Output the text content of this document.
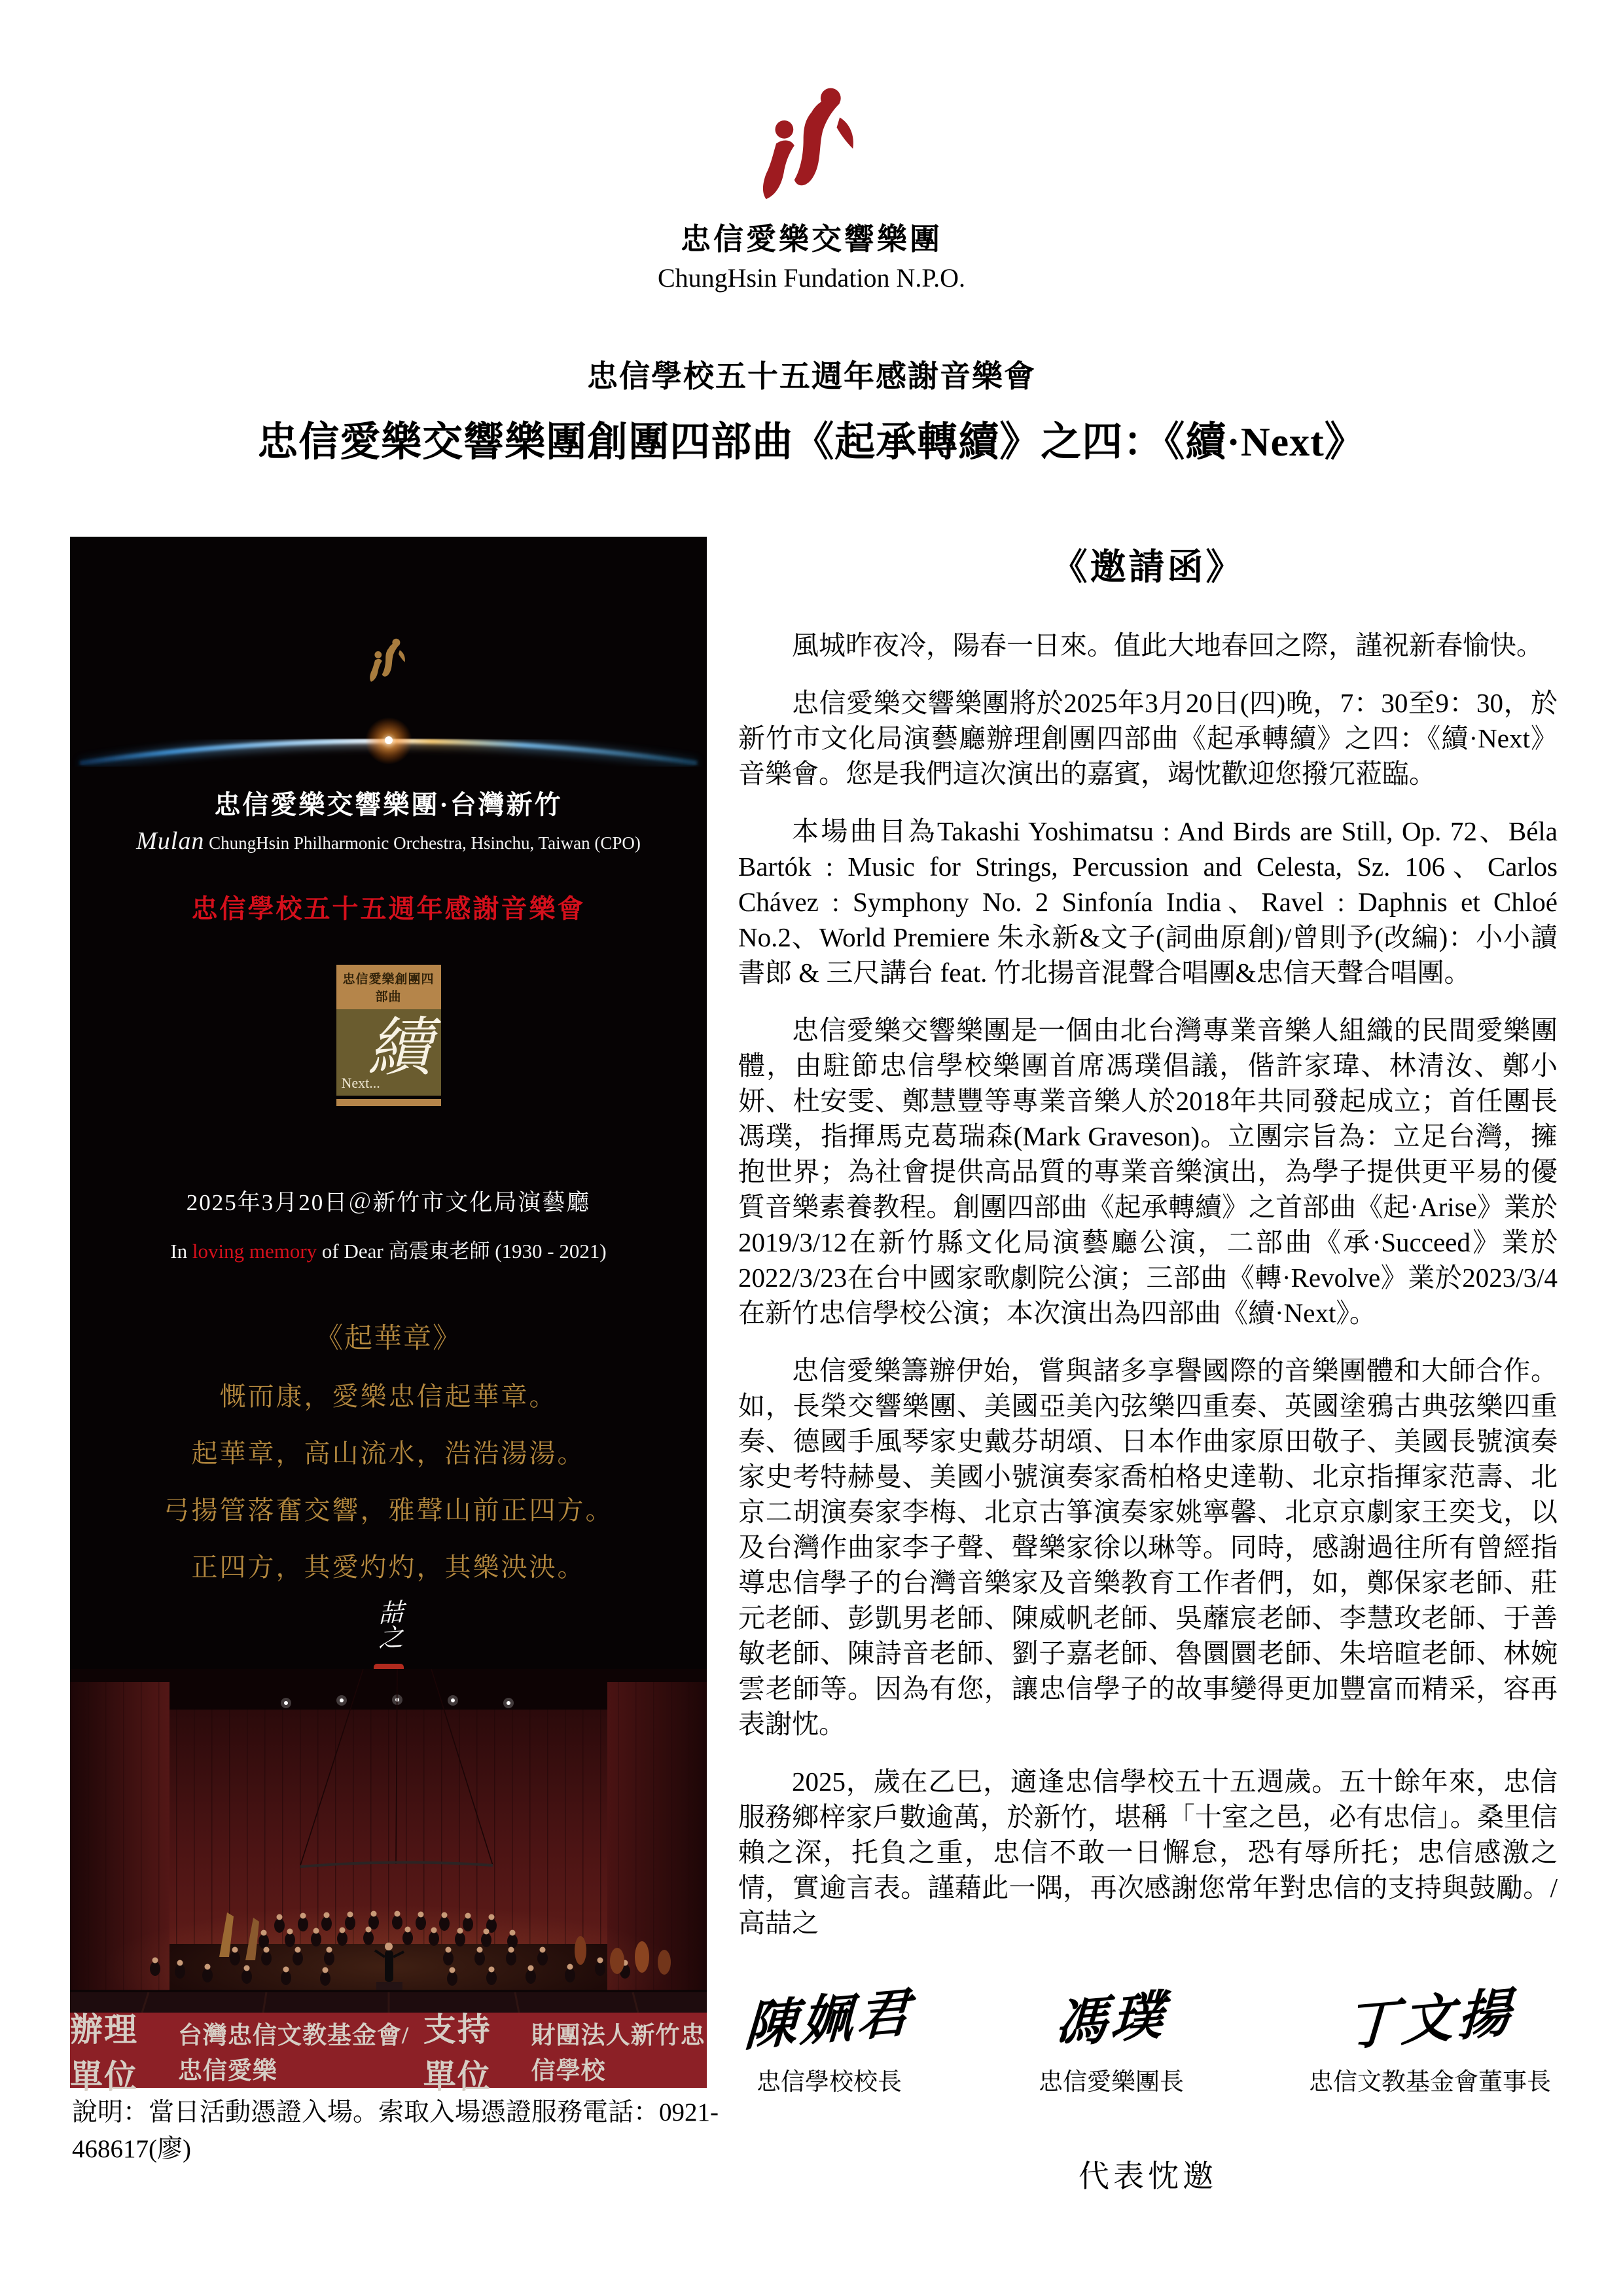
忠信愛樂交響樂團
ChungHsin Fundation N.P.O.
忠信學校五十五週年感謝音樂會
忠信愛樂交響樂團創團四部曲《起承轉續》之四：《續·Next》
忠信愛樂交響樂團·台灣新竹
Mulan ChungHsin Philharmonic Orchestra, Hsinchu, Taiwan (CPO)
忠信學校五十五週年感謝音樂會
忠信愛樂創團四部曲
續
Next...
2025年3月20日＠新竹市文化局演藝廳
In loving memory of Dear 高震東老師 (1930 - 2021)
《起華章》
慨而康，愛樂忠信起華章。
起華章，高山流水，浩浩湯湯。
弓揚管落奮交響，雅聲山前正四方。
正四方，其愛灼灼，其樂泱泱。
喆之
辦理單位
台灣忠信文教基金會/忠信愛樂
支持單位
財團法人新竹忠信學校
說明：當日活動憑證入場。索取入場憑證服務電話：0921-468617(廖)
《邀請函》

風城昨夜冷，陽春一日來。值此大地春回之際，謹祝新春愉快。

忠信愛樂交響樂團將於2025年3月20日(四)晚，7：30至9：30，於新竹市文化局演藝廳辦理創團四部曲《起承轉續》之四：《續·Next》音樂會。您是我們這次演出的嘉賓，竭忱歡迎您撥冗蒞臨。

本場曲目為Takashi Yoshimatsu : And Birds are Still, Op. 72、Béla Bartók : Music for Strings, Percussion and Celesta, Sz. 106、Carlos Chávez : Symphony No. 2 Sinfonía India、Ravel : Daphnis et Chloé No.2、World Premiere 朱永新&文子(詞曲原創)/曾則予(改編)：小小讀書郎 & 三尺講台 feat. 竹北揚音混聲合唱團&忠信天聲合唱團。

忠信愛樂交響樂團是一個由北台灣專業音樂人組織的民間愛樂團體，由駐節忠信學校樂團首席馮璞倡議，偕許家瑋、林清汝、鄭小妍、杜安雯、鄭慧豐等專業音樂人於2018年共同發起成立；首任團長馮璞，指揮馬克葛瑞森(Mark Graveson)。立團宗旨為：立足台灣，擁抱世界；為社會提供高品質的專業音樂演出，為學子提供更平易的優質音樂素養教程。創團四部曲《起承轉續》之首部曲《起·Arise》業於2019/3/12在新竹縣文化局演藝廳公演，二部曲《承·Succeed》業於2022/3/23在台中國家歌劇院公演；三部曲《轉·Revolve》業於2023/3/4在新竹忠信學校公演；本次演出為四部曲《續·Next》。

忠信愛樂籌辦伊始，嘗與諸多享譽國際的音樂團體和大師合作。如，長榮交響樂團、美國亞美內弦樂四重奏、英國塗鴉古典弦樂四重奏、德國手風琴家史戴芬胡頌、日本作曲家原田敬子、美國長號演奏家史考特赫曼、美國小號演奏家喬柏格史達勒、北京指揮家范壽、北京二胡演奏家李梅、北京古箏演奏家姚寧馨、北京京劇家王奕戈，以及台灣作曲家李子聲、聲樂家徐以琳等。同時，感謝過往所有曾經指導忠信學子的台灣音樂家及音樂教育工作者們，如，鄭保家老師、莊元老師、彭凱男老師、陳威帆老師、吳蘼宸老師、李慧玫老師、于善敏老師、陳詩音老師、劉子嘉老師、魯圜圜老師、朱培暄老師、林婉雲老師等。因為有您，讓忠信學子的故事變得更加豐富而精采，容再表謝忱。

2025，歲在乙巳，適逢忠信學校五十五週歲。五十餘年來，忠信服務鄉梓家戶數逾萬，於新竹，堪稱「十室之邑，必有忠信」。桑里信賴之深，托負之重，忠信不敢一日懈怠，恐有辱所托；忠信感激之情，實逾言表。謹藉此一隅，再次感謝您常年對忠信的支持與鼓勵。/高喆之

陳姵君
忠信學校校長
馮璞
忠信愛樂團長
丁文揚
忠信文教基金會董事長
代表忱邀
